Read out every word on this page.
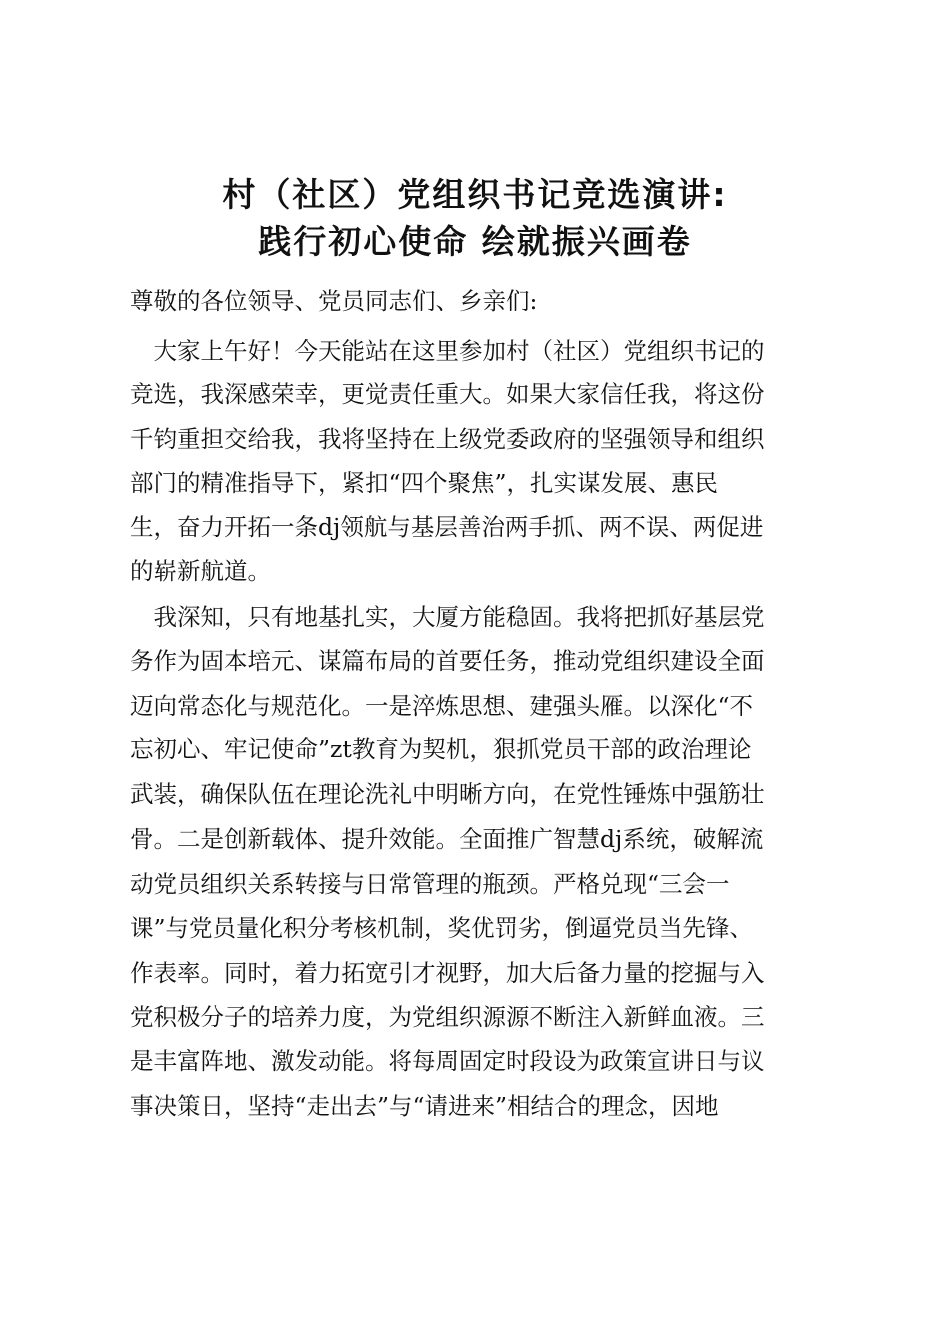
村（社区）党组织书记竞选演讲:
践行初心使命 绘就振兴画卷

尊敬的各位领导、党员同志们、乡亲们:

　大家上午好！今天能站在这里参加村（社区）党组织书记的

竞选，我深感荣幸，更觉责任重大。如果大家信任我，将这份

千钧重担交给我，我将坚持在上级党委政府的坚强领导和组织

部门的精准指导下，紧扣“四个聚焦”，扎实谋发展、惠民

生，奋力开拓一条dj领航与基层善治两手抓、两不误、两促进

的崭新航道。

　我深知，只有地基扎实，大厦方能稳固。我将把抓好基层党

务作为固本培元、谋篇布局的首要任务，推动党组织建设全面

迈向常态化与规范化。一是淬炼思想、建强头雁。以深化“不

忘初心、牢记使命”zt教育为契机，狠抓党员干部的政治理论

武装，确保队伍在理论洗礼中明晰方向，在党性锤炼中强筋壮

骨。二是创新载体、提升效能。全面推广智慧dj系统，破解流

动党员组织关系转接与日常管理的瓶颈。严格兑现“三会一

课”与党员量化积分考核机制，奖优罚劣，倒逼党员当先锋、

作表率。同时，着力拓宽引才视野，加大后备力量的挖掘与入

党积极分子的培养力度，为党组织源源不断注入新鲜血液。三

是丰富阵地、激发动能。将每周固定时段设为政策宣讲日与议

事决策日，坚持“走出去”与“请进来”相结合的理念，因地
